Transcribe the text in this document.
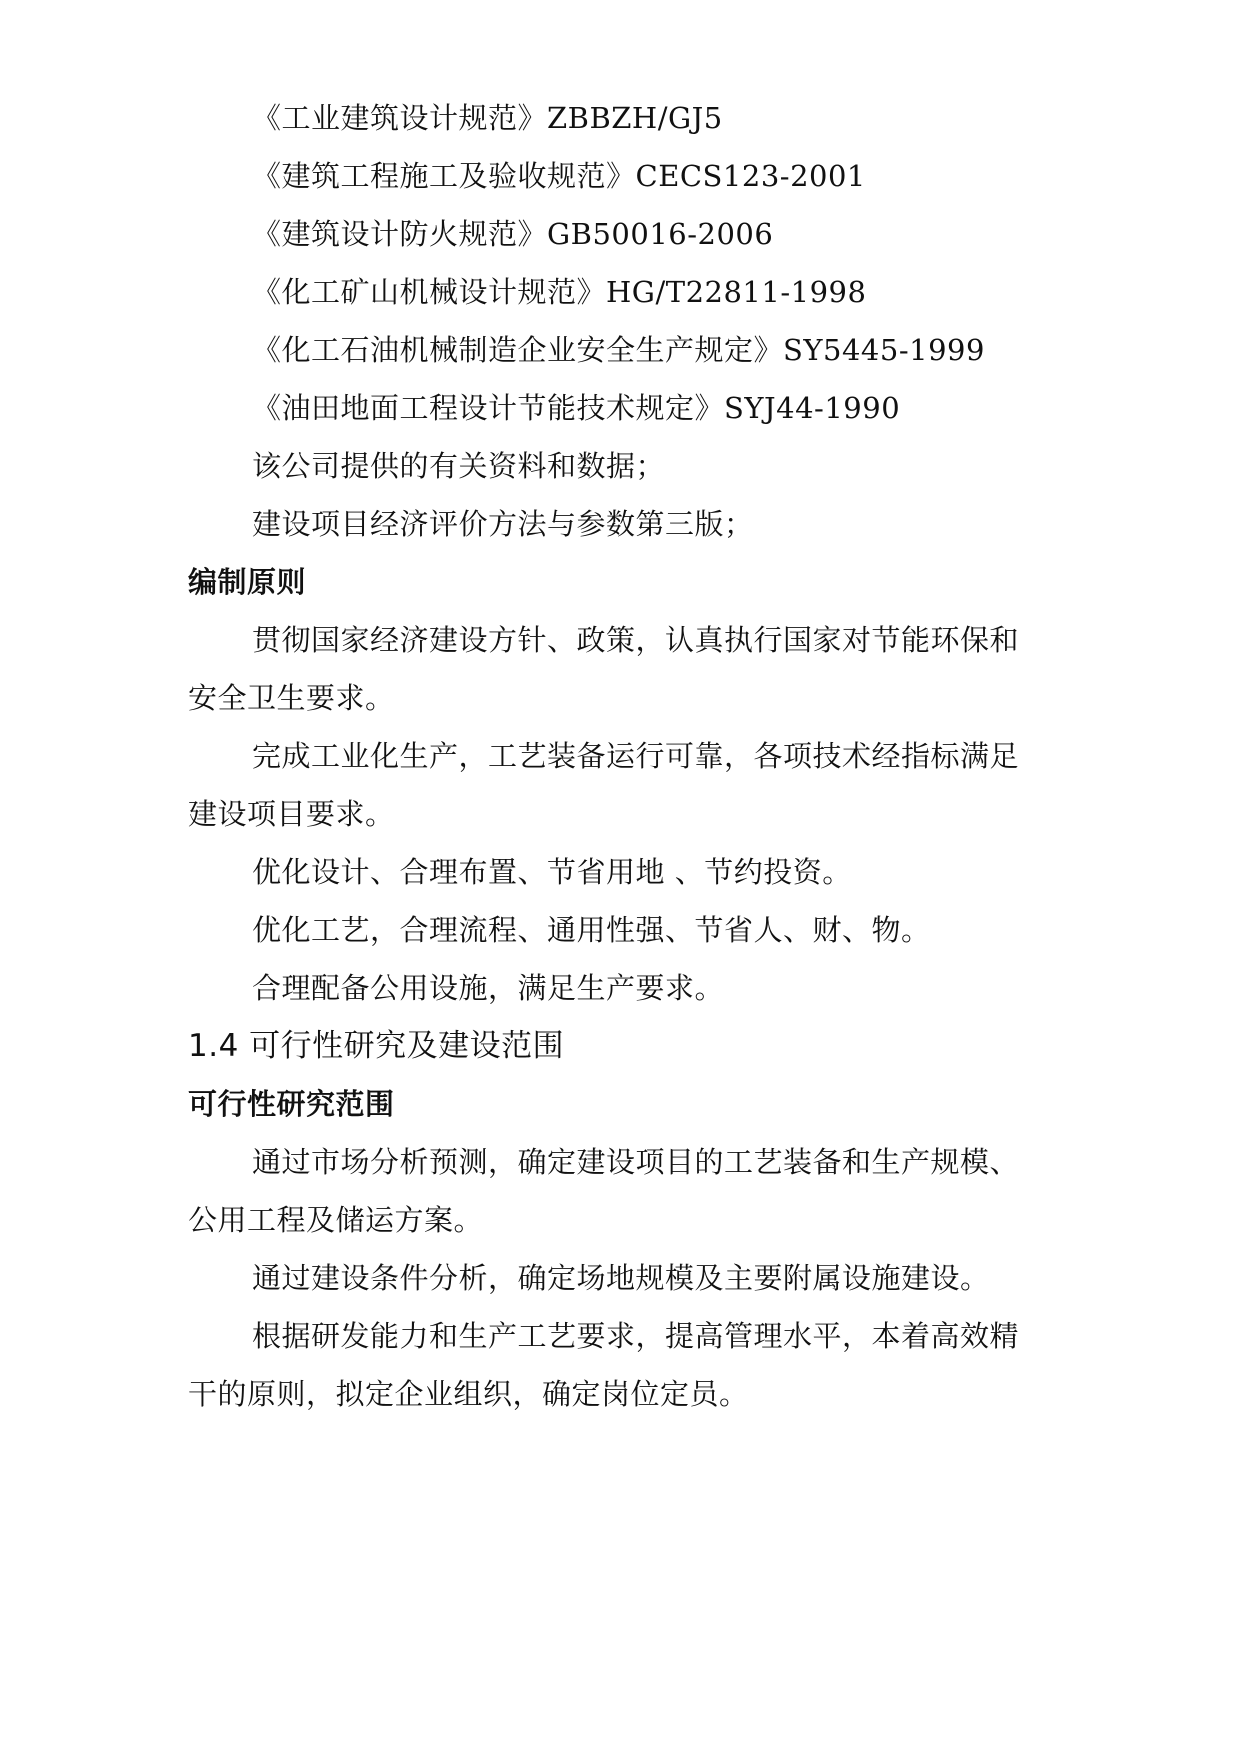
《工业建筑设计规范》ZBBZH/GJ5
《建筑工程施工及验收规范》CECS123-2001
《建筑设计防火规范》GB50016-2006
《化工矿山机械设计规范》HG/T22811-1998
《化工石油机械制造企业安全生产规定》SY5445-1999
《油田地面工程设计节能技术规定》SYJ44-1990
该公司提供的有关资料和数据；
建设项目经济评价方法与参数第三版；
编制原则
贯彻国家经济建设方针、政策，认真执行国家对节能环保和
安全卫生要求。
完成工业化生产，工艺装备运行可靠，各项技术经指标满足
建设项目要求。
优化设计、合理布置、节省用地 、节约投资。
优化工艺，合理流程、通用性强、节省人、财、物。
合理配备公用设施，满足生产要求。
1.4 可行性研究及建设范围
可行性研究范围
通过市场分析预测，确定建设项目的工艺装备和生产规模、
公用工程及储运方案。
通过建设条件分析，确定场地规模及主要附属设施建设。
根据研发能力和生产工艺要求，提高管理水平，本着高效精
干的原则，拟定企业组织，确定岗位定员。
